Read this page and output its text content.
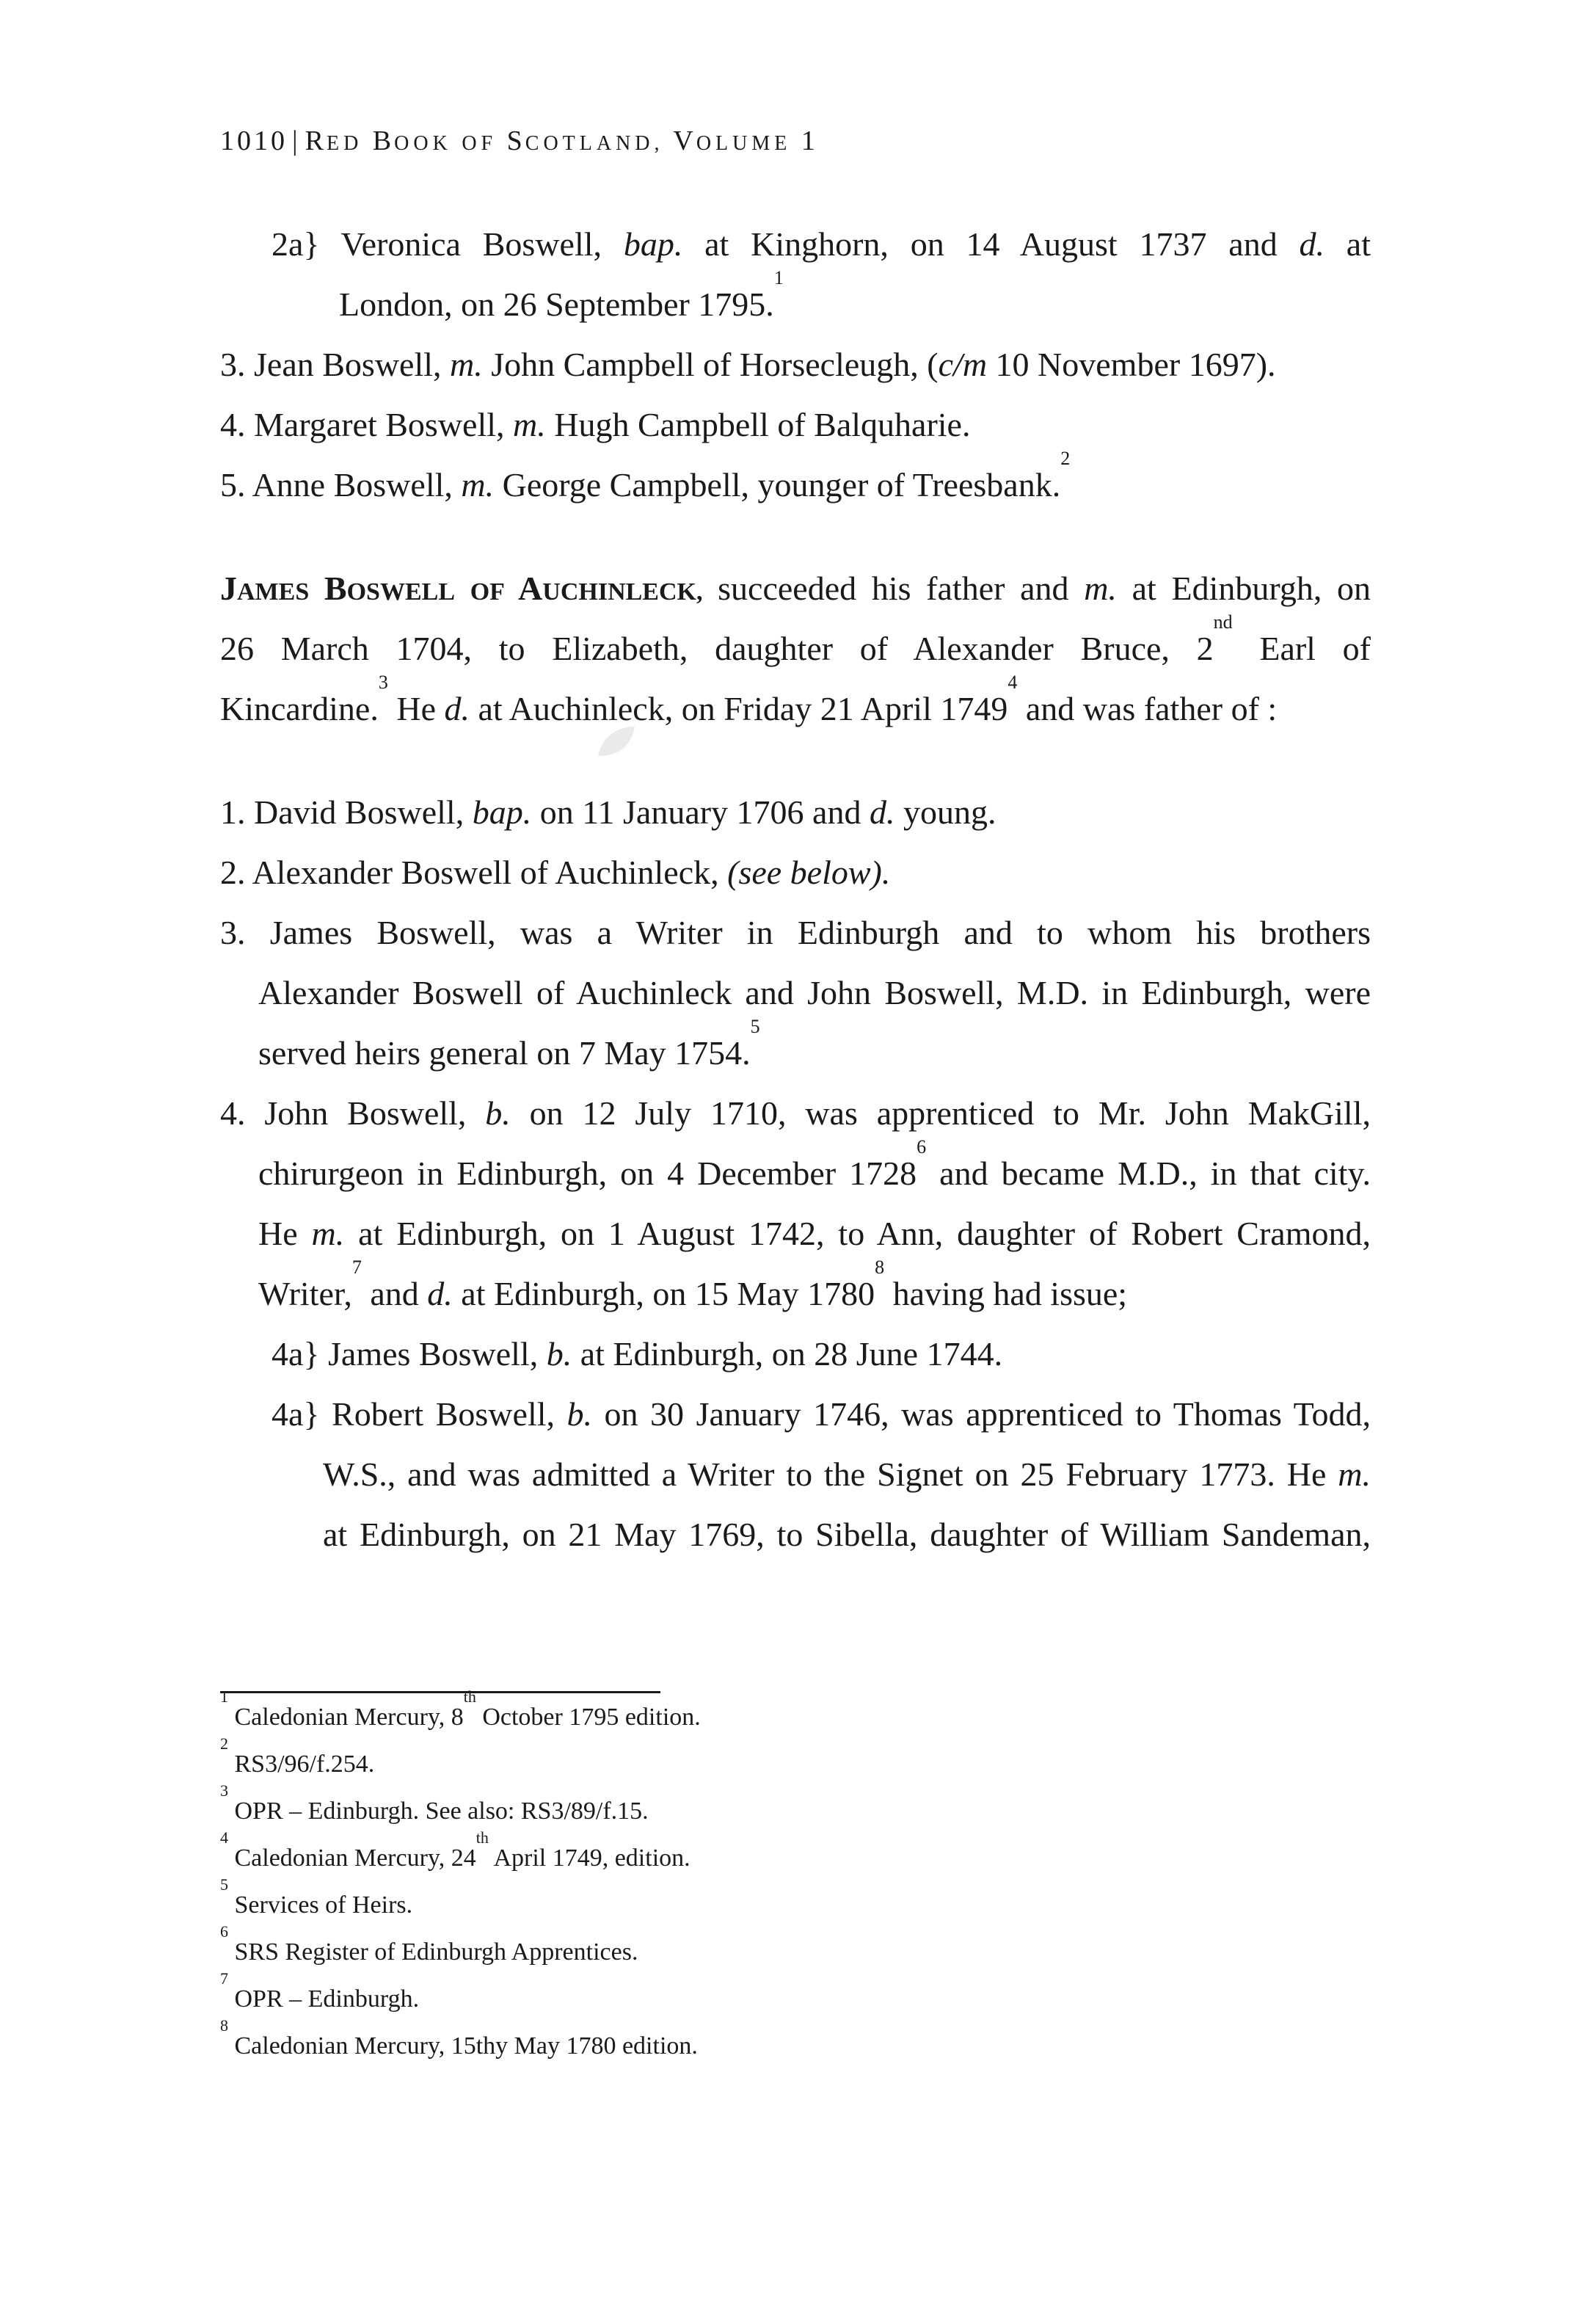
1010 | RED BOOK OF SCOTLAND, VOLUME 1
2a} Veronica Boswell, bap. at Kinghorn, on 14 August 1737 and d. at
London, on 26 September 1795.$^1$
3. Jean Boswell, m. John Campbell of Horsecleugh, (c/m 10 November 1697).
4. Margaret Boswell, m. Hugh Campbell of Balquharie.
5. Anne Boswell, m. George Campbell, younger of Treesbank.$^2$
JAMES BOSWELL OF AUCHINLECK, succeeded his father and m. at Edinburgh, on
26 March 1704, to Elizabeth, daughter of Alexander Bruce, 2nd Earl of
Kincardine.$^3$ He d. at Auchinleck, on Friday 21 April 1749$^4$ and was father of :
1. David Boswell, bap. on 11 January 1706 and d. young.
2. Alexander Boswell of Auchinleck, (see below).
3. James Boswell, was a Writer in Edinburgh and to whom his brothers
Alexander Boswell of Auchinleck and John Boswell, M.D. in Edinburgh, were
served heirs general on 7 May 1754.$^5$
4. John Boswell, b. on 12 July 1710, was apprenticed to Mr. John MakGill,
chirurgeon in Edinburgh, on 4 December 1728$^6$ and became M.D., in that city.
He m. at Edinburgh, on 1 August 1742, to Ann, daughter of Robert Cramond,
Writer,$^7$ and d. at Edinburgh, on 15 May 1780$^8$ having had issue;
4a} James Boswell, b. at Edinburgh, on 28 June 1744.
4a} Robert Boswell, b. on 30 January 1746, was apprenticed to Thomas Todd,
W.S., and was admitted a Writer to the Signet on 25 February 1773. He m.
at Edinburgh, on 21 May 1769, to Sibella, daughter of William Sandeman,
$^1$ Caledonian Mercury, 8th October 1795 edition.
$^2$ RS3/96/f.254.
$^3$ OPR – Edinburgh. See also: RS3/89/f.15.
$^4$ Caledonian Mercury, 24th April 1749, edition.
$^5$ Services of Heirs.
$^6$ SRS Register of Edinburgh Apprentices.
$^7$ OPR – Edinburgh.
$^8$ Caledonian Mercury, 15thy May 1780 edition.
